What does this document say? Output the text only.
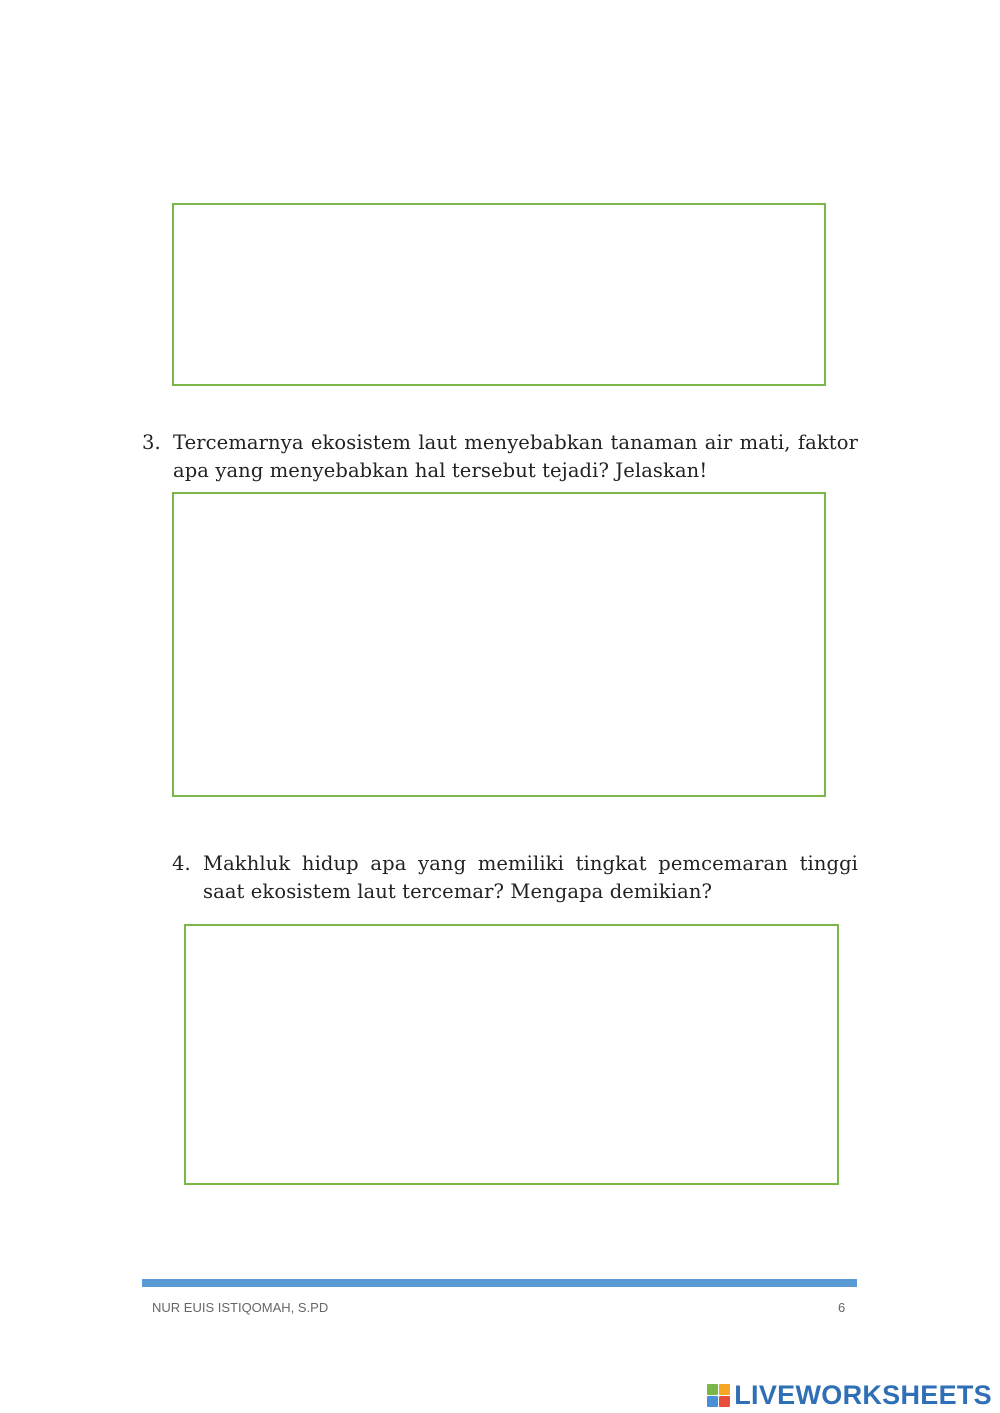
3. Tercemarnya ekosistem laut menyebabkan tanaman air mati, faktor apa yang menyebabkan hal tersebut tejadi? Jelaskan!
4. Makhluk hidup apa yang memiliki tingkat pemcemaran tinggi saat ekosistem laut tercemar? Mengapa demikian?
NUR EUIS ISTIQOMAH, S.PD	6
LIVEWORKSHEETS
